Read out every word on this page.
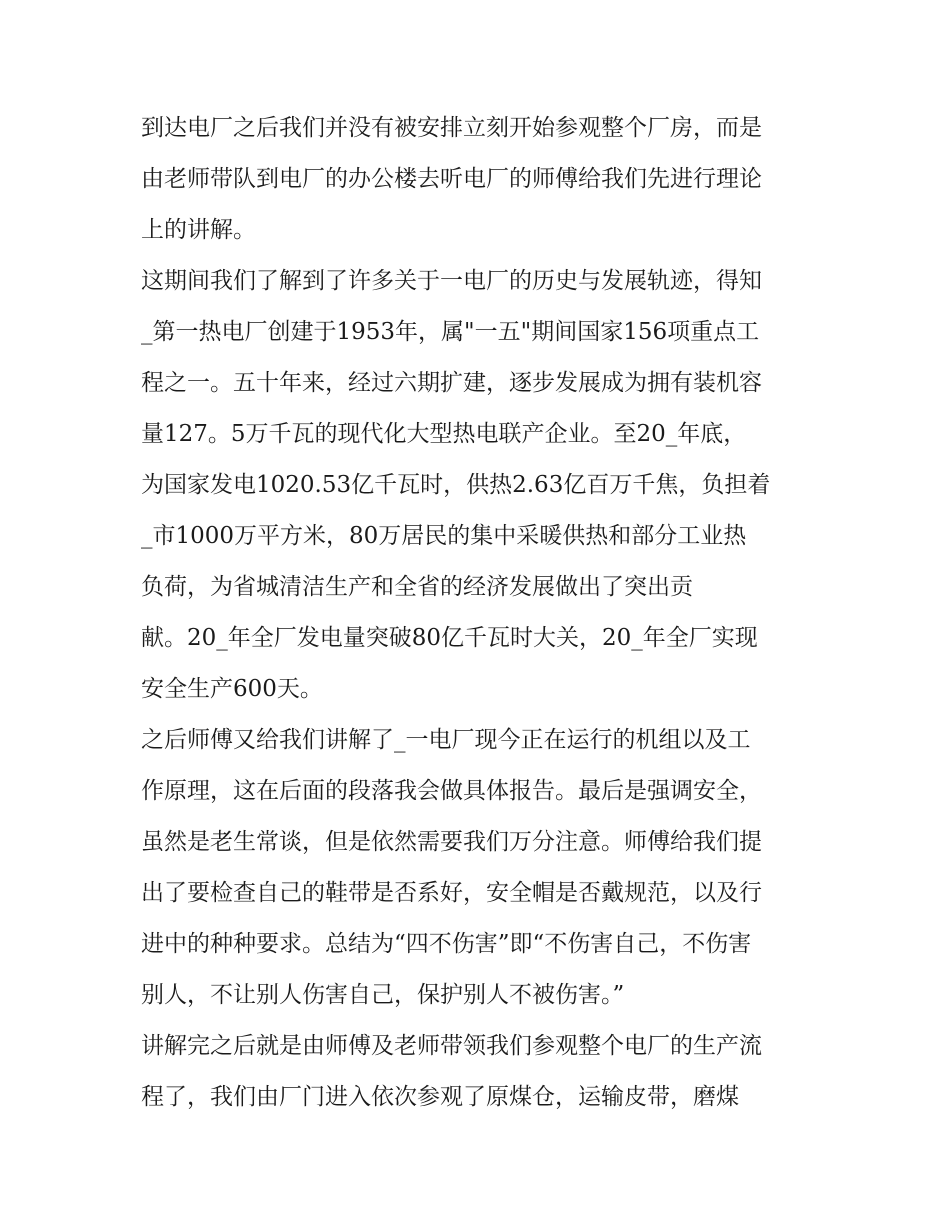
到达电厂之后我们并没有被安排立刻开始参观整个厂房，而是
由老师带队到电厂的办公楼去听电厂的师傅给我们先进行理论
上的讲解。
这期间我们了解到了许多关于一电厂的历史与发展轨迹，得知
_第一热电厂创建于1953年，属"一五"期间国家156项重点工
程之一。五十年来，经过六期扩建，逐步发展成为拥有装机容
量127。5万千瓦的现代化大型热电联产企业。至20_年底，
为国家发电1020.53亿千瓦时，供热2.63亿百万千焦，负担着
_市1000万平方米，80万居民的集中采暖供热和部分工业热
负荷，为省城清洁生产和全省的经济发展做出了突出贡
献。20_年全厂发电量突破80亿千瓦时大关，20_年全厂实现
安全生产600天。
之后师傅又给我们讲解了_一电厂现今正在运行的机组以及工
作原理，这在后面的段落我会做具体报告。最后是强调安全，
虽然是老生常谈，但是依然需要我们万分注意。师傅给我们提
出了要检查自己的鞋带是否系好，安全帽是否戴规范，以及行
进中的种种要求。总结为“四不伤害”即“不伤害自己，不伤害
别人，不让别人伤害自己，保护别人不被伤害。”
讲解完之后就是由师傅及老师带领我们参观整个电厂的生产流
程了，我们由厂门进入依次参观了原煤仓，运输皮带，磨煤
